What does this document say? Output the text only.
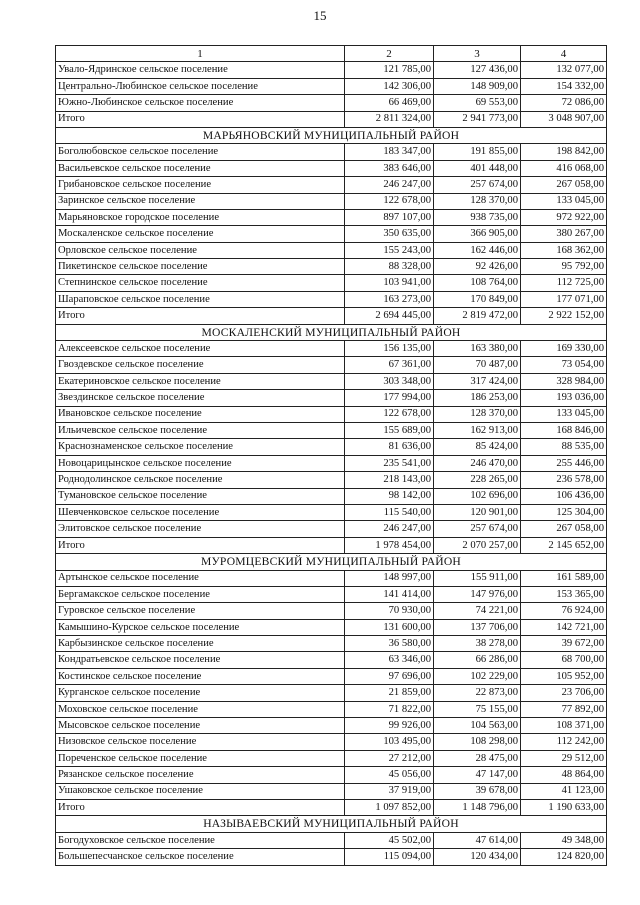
15
1	2	3	4
Увало-Ядринское сельское поселение	121 785,00	127 436,00	132 077,00
Центрально-Любинское сельское поселение	142 306,00	148 909,00	154 332,00
Южно-Любинское сельское поселение	66 469,00	69 553,00	72 086,00
Итого	2 811 324,00	2 941 773,00	3 048 907,00
МАРЬЯНОВСКИЙ МУНИЦИПАЛЬНЫЙ РАЙОН			
Боголюбовское сельское поселение	183 347,00	191 855,00	198 842,00
Васильевское сельское поселение	383 646,00	401 448,00	416 068,00
Грибановское сельское поселение	246 247,00	257 674,00	267 058,00
Заринское сельское поселение	122 678,00	128 370,00	133 045,00
Марьяновское городское поселение	897 107,00	938 735,00	972 922,00
Москаленское сельское поселение	350 635,00	366 905,00	380 267,00
Орловское сельское поселение	155 243,00	162 446,00	168 362,00
Пикетинское сельское поселение	88 328,00	92 426,00	95 792,00
Степнинское сельское поселение	103 941,00	108 764,00	112 725,00
Шараповское сельское поселение	163 273,00	170 849,00	177 071,00
Итого	2 694 445,00	2 819 472,00	2 922 152,00
МОСКАЛЕНСКИЙ МУНИЦИПАЛЬНЫЙ РАЙОН			
Алексеевское сельское поселение	156 135,00	163 380,00	169 330,00
Гвоздевское сельское поселение	67 361,00	70 487,00	73 054,00
Екатериновское сельское поселение	303 348,00	317 424,00	328 984,00
Звездинское сельское поселение	177 994,00	186 253,00	193 036,00
Ивановское сельское поселение	122 678,00	128 370,00	133 045,00
Ильичевское сельское поселение	155 689,00	162 913,00	168 846,00
Краснознаменское сельское поселение	81 636,00	85 424,00	88 535,00
Новоцарицынское сельское поселение	235 541,00	246 470,00	255 446,00
Роднодолинское сельское поселение	218 143,00	228 265,00	236 578,00
Тумановское сельское поселение	98 142,00	102 696,00	106 436,00
Шевченковское сельское поселение	115 540,00	120 901,00	125 304,00
Элитовское сельское поселение	246 247,00	257 674,00	267 058,00
Итого	1 978 454,00	2 070 257,00	2 145 652,00
МУРОМЦЕВСКИЙ МУНИЦИПАЛЬНЫЙ РАЙОН			
Артынское сельское поселение	148 997,00	155 911,00	161 589,00
Бергамакское сельское поселение	141 414,00	147 976,00	153 365,00
Гуровское сельское поселение	70 930,00	74 221,00	76 924,00
Камышино-Курское сельское поселение	131 600,00	137 706,00	142 721,00
Карбызинское сельское поселение	36 580,00	38 278,00	39 672,00
Кондратьевское сельское поселение	63 346,00	66 286,00	68 700,00
Костинское сельское поселение	97 696,00	102 229,00	105 952,00
Курганское сельское поселение	21 859,00	22 873,00	23 706,00
Моховское сельское поселение	71 822,00	75 155,00	77 892,00
Мысовское сельское поселение	99 926,00	104 563,00	108 371,00
Низовское сельское поселение	103 495,00	108 298,00	112 242,00
Пореченское сельское поселение	27 212,00	28 475,00	29 512,00
Рязанское сельское поселение	45 056,00	47 147,00	48 864,00
Ушаковское сельское поселение	37 919,00	39 678,00	41 123,00
Итого	1 097 852,00	1 148 796,00	1 190 633,00
НАЗЫВАЕВСКИЙ МУНИЦИПАЛЬНЫЙ РАЙОН			
Богодуховское сельское поселение	45 502,00	47 614,00	49 348,00
Большепесчанское сельское поселение	115 094,00	120 434,00	124 820,00
